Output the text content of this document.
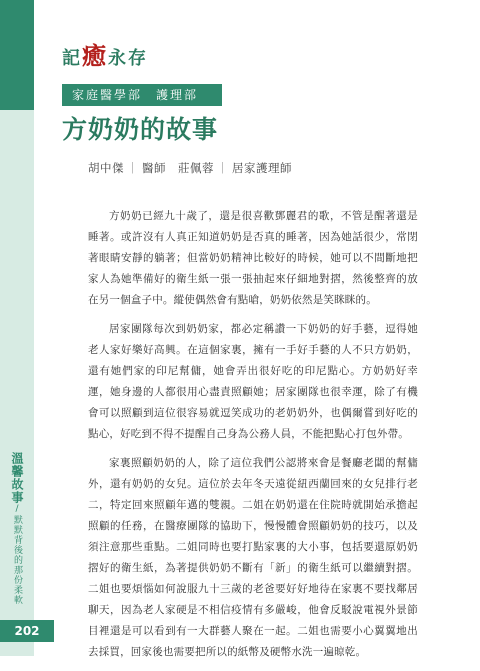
溫馨故事/默默背後的那份柔軟
202
記癒永存
家庭醫學部　護理部
方奶奶的故事
胡中傑 ｜ 醫師　 莊佩蓉 ｜ 居家護理師

方奶奶已經九十歲了，還是很喜歡鄧麗君的歌，不管是醒著還是睡著。或許沒有人真正知道奶奶是否真的睡著，因為她話很少，常閉著眼睛安靜的躺著；但當奶奶精神比較好的時候，她可以不間斷地把家人為她準備好的衛生紙一張一張抽起來仔細地對摺，然後整齊的放在另一個盒子中。縱使偶然會有點嗆，奶奶依然是笑眯眯的。

居家團隊每次到奶奶家，都必定稱讚一下奶奶的好手藝，逗得她老人家好樂好高興。在這個家裏，擁有一手好手藝的人不只方奶奶，還有她們家的印尼幫傭，她會弄出很好吃的印尼點心。方奶奶好幸運，她身邊的人都很用心盡責照顧她；居家團隊也很幸運，除了有機會可以照顧到這位很容易就逗笑成功的老奶奶外，也偶爾嘗到好吃的點心，好吃到不得不提醒自己身為公務人員，不能把點心打包外帶。

家裏照顧奶奶的人，除了這位我們公認將來會是餐廳老闆的幫傭外，還有奶奶的女兒。這位於去年冬天遠從紐西蘭回來的女兒排行老二，特定回來照顧年邁的雙親。二姐在奶奶還在住院時就開始承擔起照顧的任務，在醫療團隊的協助下，慢慢體會照顧奶奶的技巧，以及須注意那些重點。二姐同時也要打點家裏的大小事，包括要還原奶奶摺好的衛生紙，為著提供奶奶不斷有「新」的衛生紙可以繼續對摺。二姐也要煩惱如何說服九十三歲的老爸要好好地待在家裏不要找鄰居聊天，因為老人家硬是不相信疫情有多嚴峻，他會反駁說電視外景節目裡還是可以看到有一大群藝人聚在一起。二姐也需要小心翼翼地出去採買，回家後也需要把所以的紙幣及硬幣水洗一遍晾乾。
